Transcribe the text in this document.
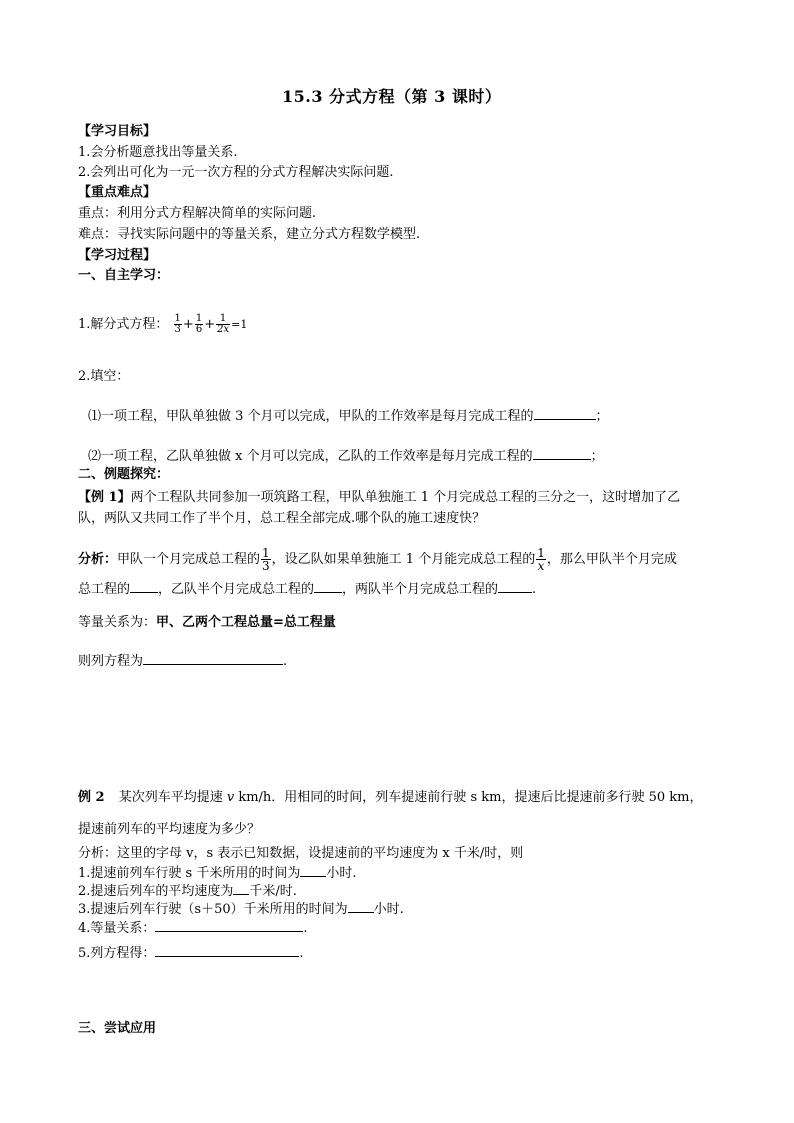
15.3 分式方程（第 3 课时）
【学习目标】
1.会分析题意找出等量关系.
2.会列出可化为一元一次方程的分式方程解决实际问题.
【重点难点】
重点：利用分式方程解决简单的实际问题.
难点：寻找实际问题中的等量关系，建立分式方程数学模型.
【学习过程】
一、自主学习：
1.解分式方程： $\frac{1}{3} + \frac{1}{6} + \frac{1}{2x} =1$
2.填空：
⑴一项工程，甲队单独做 3 个月可以完成，甲队的工作效率是每月完成工程的	；
⑵一项工程，乙队单独做 x 个月可以完成，乙队的工作效率是每月完成工程的	；
二、例题探究：
【例 1】两个工程队共同参加一项筑路工程，甲队单独施工 1 个月完成总工程的三分之一，这时增加了乙
队，两队又共同工作了半个月，总工程全部完成.哪个队的施工速度快？
分析：甲队一个月完成总工程的 $\frac{1}{3}$ ，设乙队如果单独施工 1 个月能完成总工程的 $\frac{1}{x}$ ，那么甲队半个月完成
总工程的 ，乙队半个月完成总工程的 ，两队半个月完成总工程的	.
等量关系为：甲、乙两个工程总量=总工程量
则列方程为	.
例 2 某次列车平均提速 v km/h．用相同的时间，列车提速前行驶 s km，提速后比提速前多行驶 50 km，
提速前列车的平均速度为多少？
分析：这里的字母 v，s 表示已知数据，设提速前的平均速度为 x 千米/时，则
1.提速前列车行驶 s 千米所用的时间为 小时.
2.提速后列车的平均速度为 千米/时.
3.提速后列车行驶（s＋50）千米所用的时间为 小时.
4.等量关系：	.
5.列方程得：	.
三、尝试应用
